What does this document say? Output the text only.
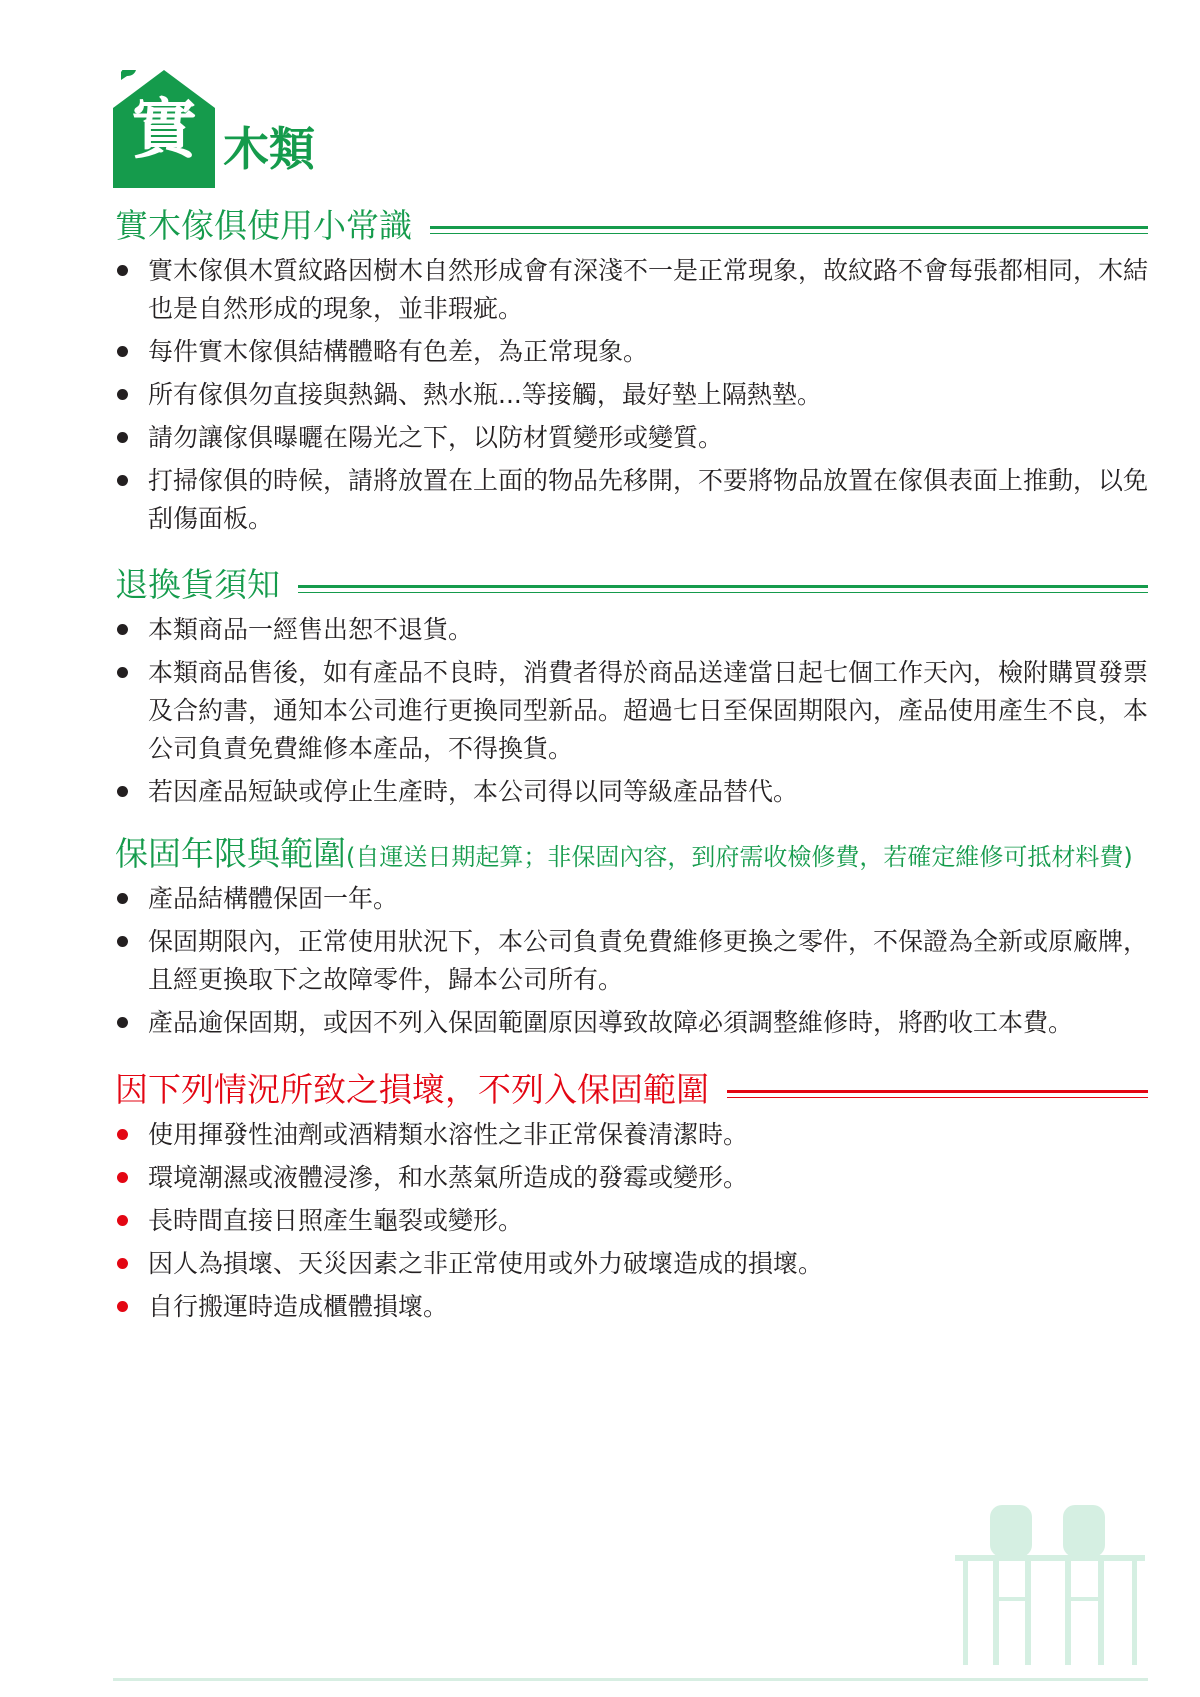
實 木類
實木傢俱使用小常識
實木傢俱木質紋路因樹木自然形成會有深淺不一是正常現象，故紋路不會每張都相同，木結也是自然形成的現象，並非瑕疵。
每件實木傢俱結構體略有色差，為正常現象。
所有傢俱勿直接與熱鍋、熱水瓶...等接觸，最好墊上隔熱墊。
請勿讓傢俱曝曬在陽光之下，以防材質變形或變質。
打掃傢俱的時候，請將放置在上面的物品先移開，不要將物品放置在傢俱表面上推動，以免刮傷面板。
退換貨須知
本類商品一經售出恕不退貨。
本類商品售後，如有產品不良時，消費者得於商品送達當日起七個工作天內，檢附購買發票及合約書，通知本公司進行更換同型新品。超過七日至保固期限內，產品使用產生不良，本公司負責免費維修本產品，不得換貨。
若因產品短缺或停止生產時，本公司得以同等級產品替代。
保固年限與範圍(自運送日期起算；非保固內容，到府需收檢修費，若確定維修可抵材料費)
產品結構體保固一年。
保固期限內，正常使用狀況下，本公司負責免費維修更換之零件，不保證為全新或原廠牌，且經更換取下之故障零件，歸本公司所有。
產品逾保固期，或因不列入保固範圍原因導致故障必須調整維修時，將酌收工本費。
因下列情況所致之損壞，不列入保固範圍
使用揮發性油劑或酒精類水溶性之非正常保養清潔時。
環境潮濕或液體浸滲，和水蒸氣所造成的發霉或變形。
長時間直接日照產生龜裂或變形。
因人為損壞、天災因素之非正常使用或外力破壞造成的損壞。
自行搬運時造成櫃體損壞。
